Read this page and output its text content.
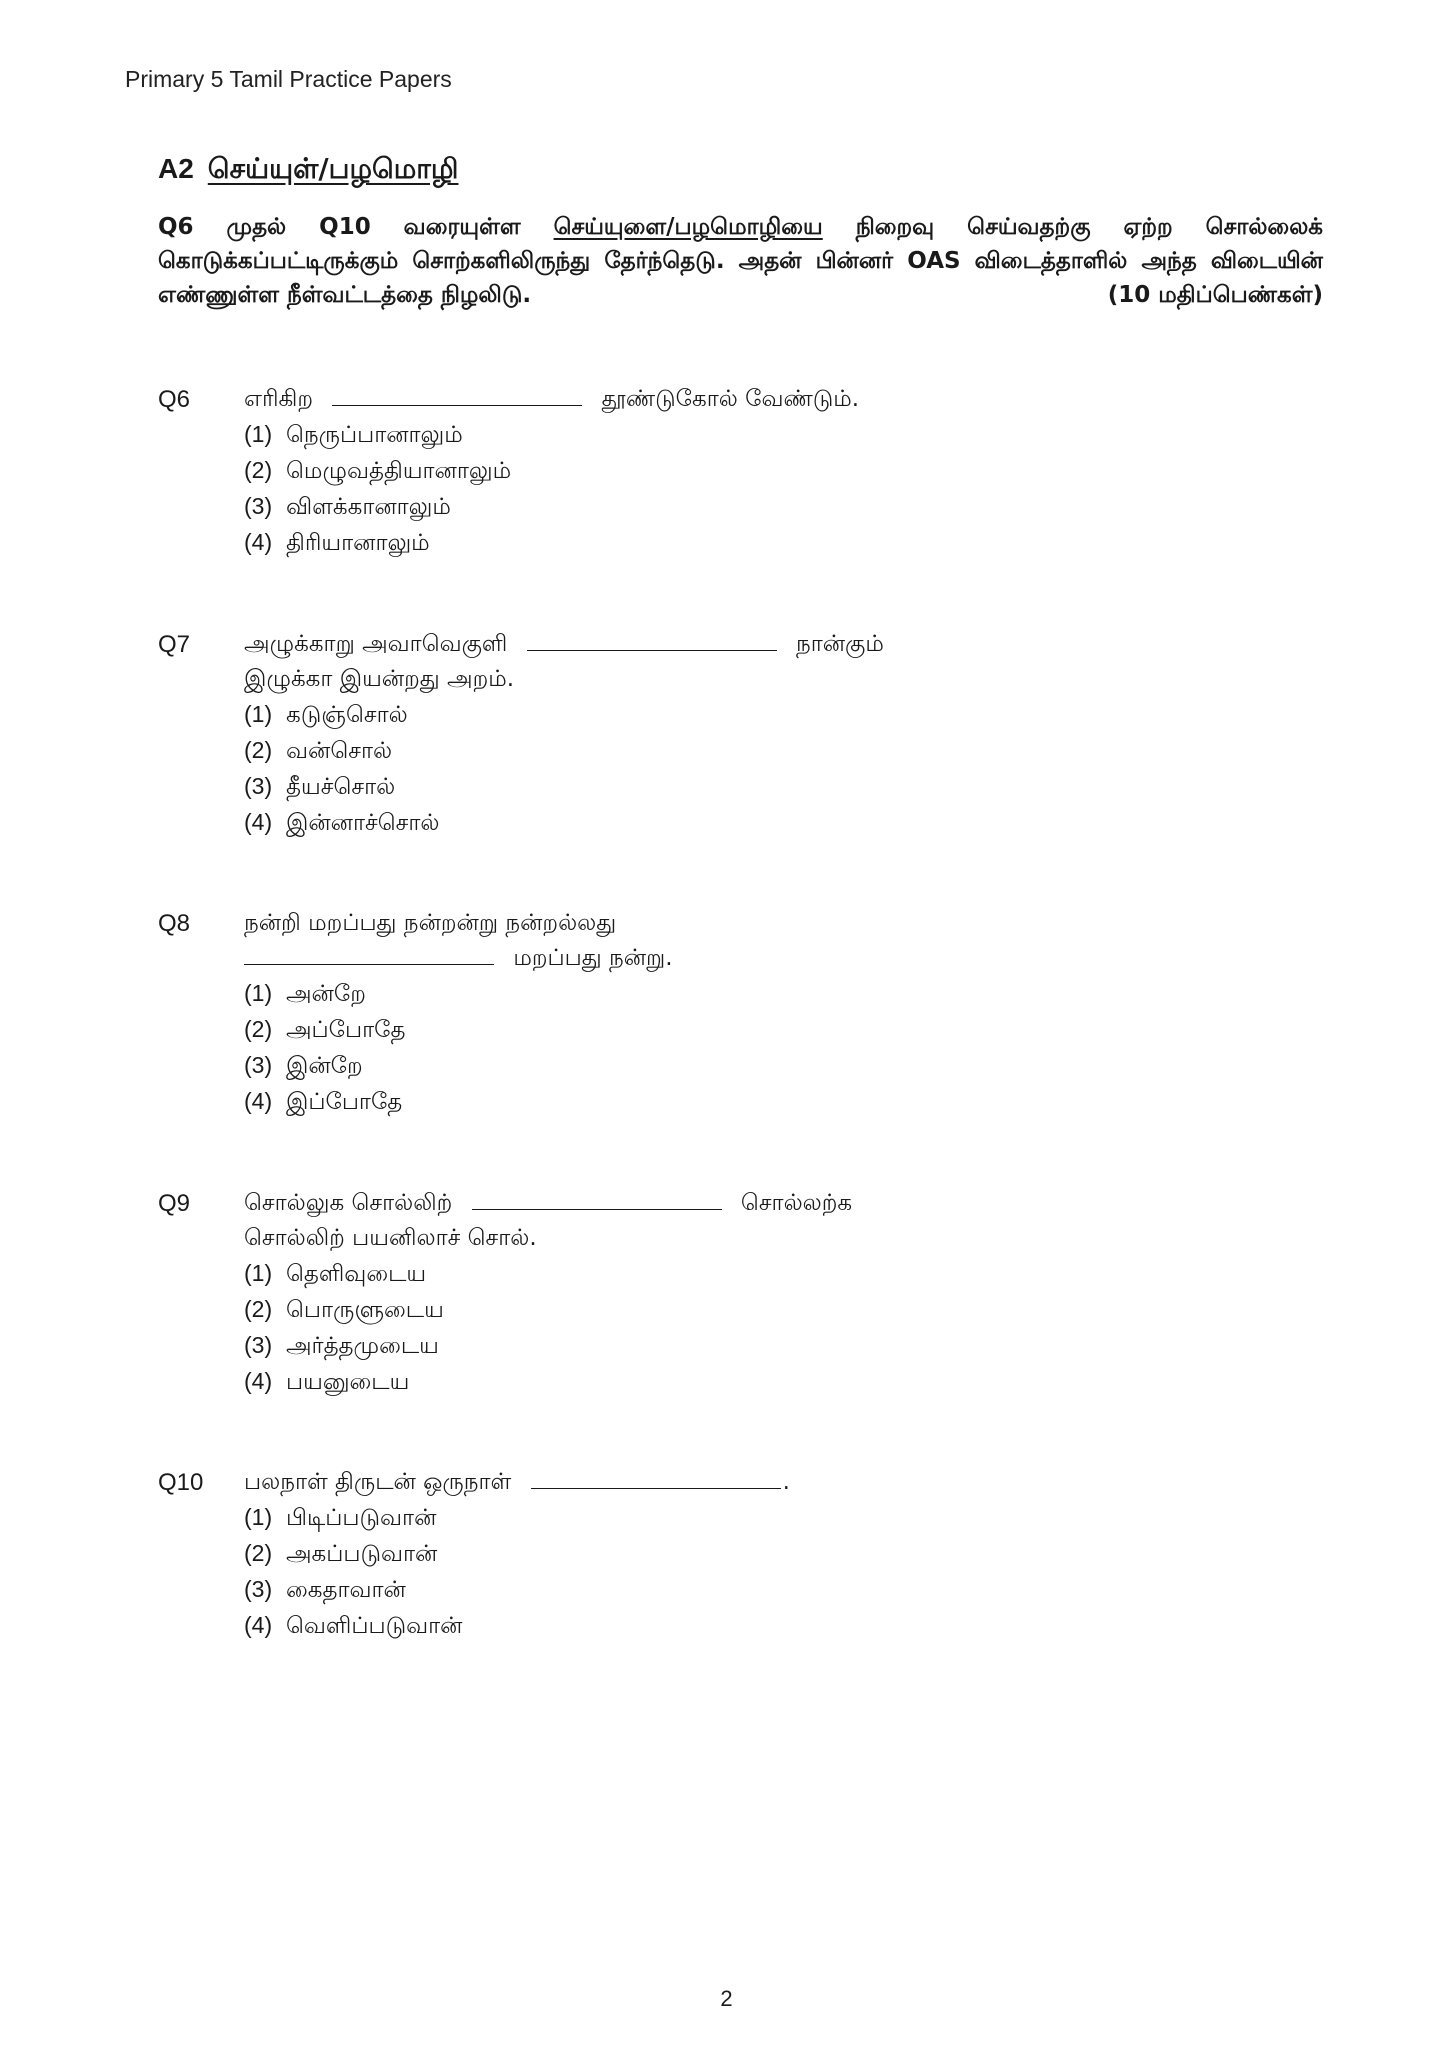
Primary 5 Tamil Practice Papers
A2 செய்யுள்/பழமொழி
Q6 முதல் Q10 வரையுள்ள செய்யுளை/பழமொழியை நிறைவு செய்வதற்கு ஏற்ற சொல்லைக் கொடுக்கப்பட்டிருக்கும் சொற்களிலிருந்து தேர்ந்தெடு. அதன் பின்னர் OAS விடைத்தாளில் அந்த விடையின் எண்ணுள்ள நீள்வட்டத்தை நிழலிடு.	(10 மதிப்பெண்கள்)
Q6 எரிகிற	தூண்டுகோல் வேண்டும்.
(1) நெருப்பானாலும்
(2) மெழுவத்தியானாலும்
(3) விளக்கானாலும்
(4) திரியானாலும்
Q7 அழுக்காறு அவாவெகுளி	நான்கும்
இழுக்கா இயன்றது அறம்.
(1) கடுஞ்சொல்
(2) வன்சொல்
(3) தீயச்சொல்
(4) இன்னாச்சொல்
Q8 நன்றி மறப்பது நன்றன்று நன்றல்லது
மறப்பது நன்று.
(1) அன்றே
(2) அப்போதே
(3) இன்றே
(4) இப்போதே
Q9 சொல்லுக சொல்லிற்	சொல்லற்க
சொல்லிற் பயனிலாச் சொல்.
(1) தெளிவுடைய
(2) பொருளுடைய
(3) அர்த்தமுடைய
(4) பயனுடைய
Q10 பலநாள் திருடன் ஒருநாள்	.
(1) பிடிப்படுவான்
(2) அகப்படுவான்
(3) கைதாவான்
(4) வெளிப்படுவான்
2
